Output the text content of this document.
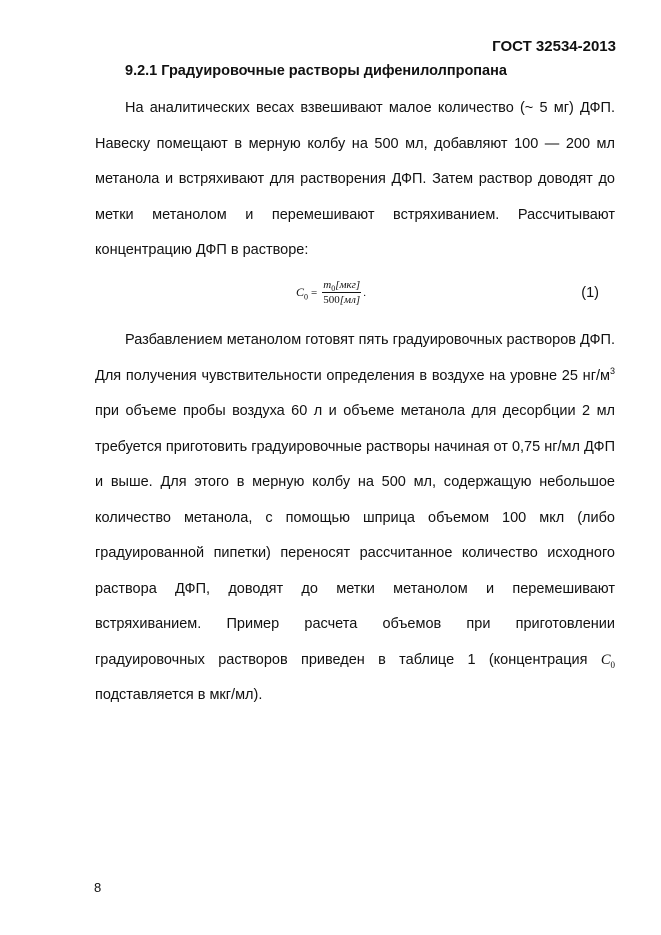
ГОСТ 32534-2013
9.2.1 Градуировочные растворы дифенилолпропана

На аналитических весах взвешивают малое количество (~ 5 мг) ДФП. Навеску помещают в мерную колбу на 500 мл, добавляют 100 — 200 мл метанола и встряхивают для растворения ДФП. Затем раствор доводят до метки метанолом и перемешивают встряхиванием. Рассчитывают концентрацию ДФП в растворе:

$C_0 = \frac{m_0[мкг]}{500[мл]}$ .	(1)

Разбавлением метанолом готовят пять градуировочных растворов ДФП. Для получения чувствительности определения в воздухе на уровне 25 $нг/м^3$ при объеме пробы воздуха 60 л и объеме метанола для десорбции 2 мл требуется приготовить градуировочные растворы начиная от 0,75 нг/мл ДФП и выше. Для этого в мерную колбу на 500 мл, содержащую небольшое количество метанола, с помощью шприца объемом 100 мкл (либо градуированной пипетки) переносят рассчитанное количество исходного раствора ДФП, доводят до метки метанолом и перемешивают встряхиванием. Пример расчета объемов при приготовлении градуировочных растворов приведен в таблице 1 (концентрация $C_0$ подставляется в мкг/мл).

8
